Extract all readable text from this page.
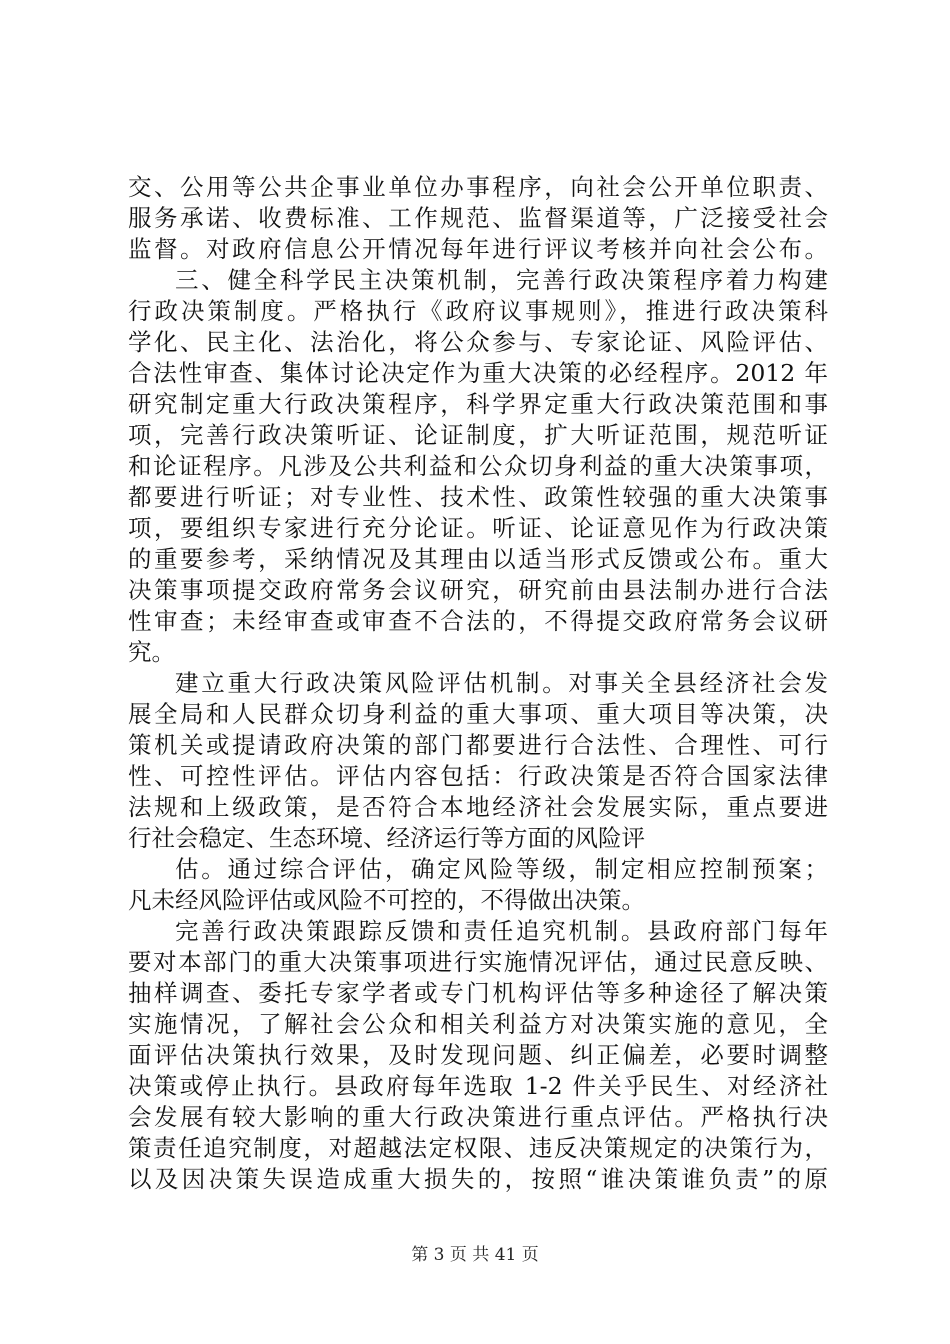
交、公用等公共企事业单位办事程序，向社会公开单位职责、
服务承诺、收费标准、工作规范、监督渠道等，广泛接受社会
监督。对政府信息公开情况每年进行评议考核并向社会公布。
三、健全科学民主决策机制，完善行政决策程序着力构建
行政决策制度。严格执行《政府议事规则》，推进行政决策科
学化、民主化、法治化，将公众参与、专家论证、风险评估、
合法性审查、集体讨论决定作为重大决策的必经程序。2012 年
研究制定重大行政决策程序，科学界定重大行政决策范围和事
项，完善行政决策听证、论证制度，扩大听证范围，规范听证
和论证程序。凡涉及公共利益和公众切身利益的重大决策事项，
都要进行听证；对专业性、技术性、政策性较强的重大决策事
项，要组织专家进行充分论证。听证、论证意见作为行政决策
的重要参考，采纳情况及其理由以适当形式反馈或公布。重大
决策事项提交政府常务会议研究，研究前由县法制办进行合法
性审查；未经审查或审查不合法的，不得提交政府常务会议研
究。
建立重大行政决策风险评估机制。对事关全县经济社会发
展全局和人民群众切身利益的重大事项、重大项目等决策，决
策机关或提请政府决策的部门都要进行合法性、合理性、可行
性、可控性评估。评估内容包括：行政决策是否符合国家法律
法规和上级政策，是否符合本地经济社会发展实际，重点要进
行社会稳定、生态环境、经济运行等方面的风险评
估。通过综合评估，确定风险等级，制定相应控制预案；
凡未经风险评估或风险不可控的，不得做出决策。
完善行政决策跟踪反馈和责任追究机制。县政府部门每年
要对本部门的重大决策事项进行实施情况评估，通过民意反映、
抽样调查、委托专家学者或专门机构评估等多种途径了解决策
实施情况，了解社会公众和相关利益方对决策实施的意见，全
面评估决策执行效果，及时发现问题、纠正偏差，必要时调整
决策或停止执行。县政府每年选取 1-2 件关乎民生、对经济社
会发展有较大影响的重大行政决策进行重点评估。严格执行决
策责任追究制度，对超越法定权限、违反决策规定的决策行为，
以及因决策失误造成重大损失的，按照“谁决策谁负责”的原
第 3 页 共 41 页
